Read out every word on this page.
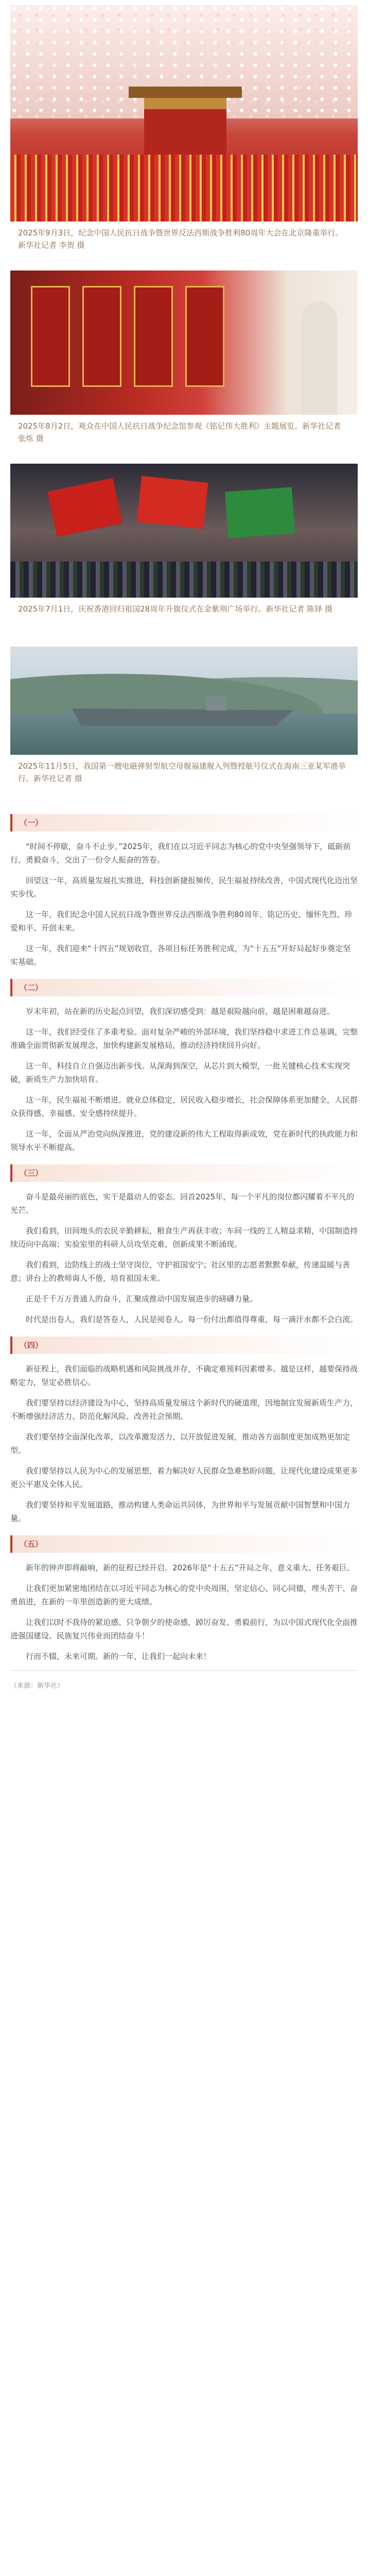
2025年9月3日，纪念中国人民抗日战争暨世界反法西斯战争胜利80周年大会在北京隆重举行。新华社记者 李贺 摄
2025年8月2日，观众在中国人民抗日战争纪念馆参观《铭记伟大胜利》主题展览。新华社记者 张烁 摄
2025年7月1日，庆祝香港回归祖国28周年升旗仪式在金紫荆广场举行。新华社记者 陈铎 摄
2025年11月5日，我国第一艘电磁弹射型航空母舰福建舰入列暨授舷号仪式在海南三亚某军港举行。新华社记者 摄
（一）

“时间不停歇，奋斗不止步。”2025年，我们在以习近平同志为核心的党中央坚强领导下，砥砺前行、勇毅奋斗，交出了一份令人振奋的答卷。

回望这一年，高质量发展扎实推进，科技创新捷报频传，民生福祉持续改善，中国式现代化迈出坚实步伐。

这一年，我们纪念中国人民抗日战争暨世界反法西斯战争胜利80周年，铭记历史、缅怀先烈、珍爱和平、开创未来。

这一年，我们迎来“十四五”规划收官，各项目标任务胜利完成，为“十五五”开好局起好步奠定坚实基础。

（二）

岁末年初，站在新的历史起点回望，我们深切感受到：越是艰险越向前，越是困难越奋进。

这一年，我们经受住了多重考验。面对复杂严峻的外部环境，我们坚持稳中求进工作总基调，完整准确全面贯彻新发展理念，加快构建新发展格局，推动经济持续回升向好。

这一年，科技自立自强迈出新步伐。从深海到深空，从芯片到大模型，一批关键核心技术实现突破，新质生产力加快培育。

这一年，民生福祉不断增进。就业总体稳定，居民收入稳步增长，社会保障体系更加健全，人民群众获得感、幸福感、安全感持续提升。

这一年，全面从严治党向纵深推进，党的建设新的伟大工程取得新成效，党在新时代的执政能力和领导水平不断提高。

（三）

奋斗是最亮丽的底色，实干是最动人的姿态。回首2025年，每一个平凡的岗位都闪耀着不平凡的光芒。

我们看到，田间地头的农民辛勤耕耘，粮食生产再获丰收；车间一线的工人精益求精，中国制造持续迈向中高端；实验室里的科研人员攻坚克难，创新成果不断涌现。

我们看到，边防线上的战士坚守岗位，守护祖国安宁；社区里的志愿者默默奉献，传递温暖与善意；讲台上的教师诲人不倦，培育祖国未来。

正是千千万万普通人的奋斗，汇聚成推动中国发展进步的磅礴力量。

时代是出卷人，我们是答卷人，人民是阅卷人。每一份付出都值得尊重，每一滴汗水都不会白流。

（四）

新征程上，我们面临的战略机遇和风险挑战并存，不确定难预料因素增多。越是这样，越要保持战略定力，坚定必胜信心。

我们要坚持以经济建设为中心，坚持高质量发展这个新时代的硬道理，因地制宜发展新质生产力，不断增强经济活力、防范化解风险、改善社会预期。

我们要坚持全面深化改革，以改革激发活力、以开放促进发展，推动各方面制度更加成熟更加定型。

我们要坚持以人民为中心的发展思想，着力解决好人民群众急难愁盼问题，让现代化建设成果更多更公平惠及全体人民。

我们要坚持和平发展道路，推动构建人类命运共同体，为世界和平与发展贡献中国智慧和中国力量。

（五）

新年的钟声即将敲响，新的征程已经开启。2026年是“十五五”开局之年，意义重大、任务艰巨。

让我们更加紧密地团结在以习近平同志为核心的党中央周围，坚定信心、同心同德，埋头苦干、奋勇前进，在新的一年里创造新的更大成绩。

让我们以时不我待的紧迫感、只争朝夕的使命感，踔厉奋发、勇毅前行，为以中国式现代化全面推进强国建设、民族复兴伟业而团结奋斗！

行而不辍，未来可期。新的一年，让我们一起向未来！

（来源：新华社）
